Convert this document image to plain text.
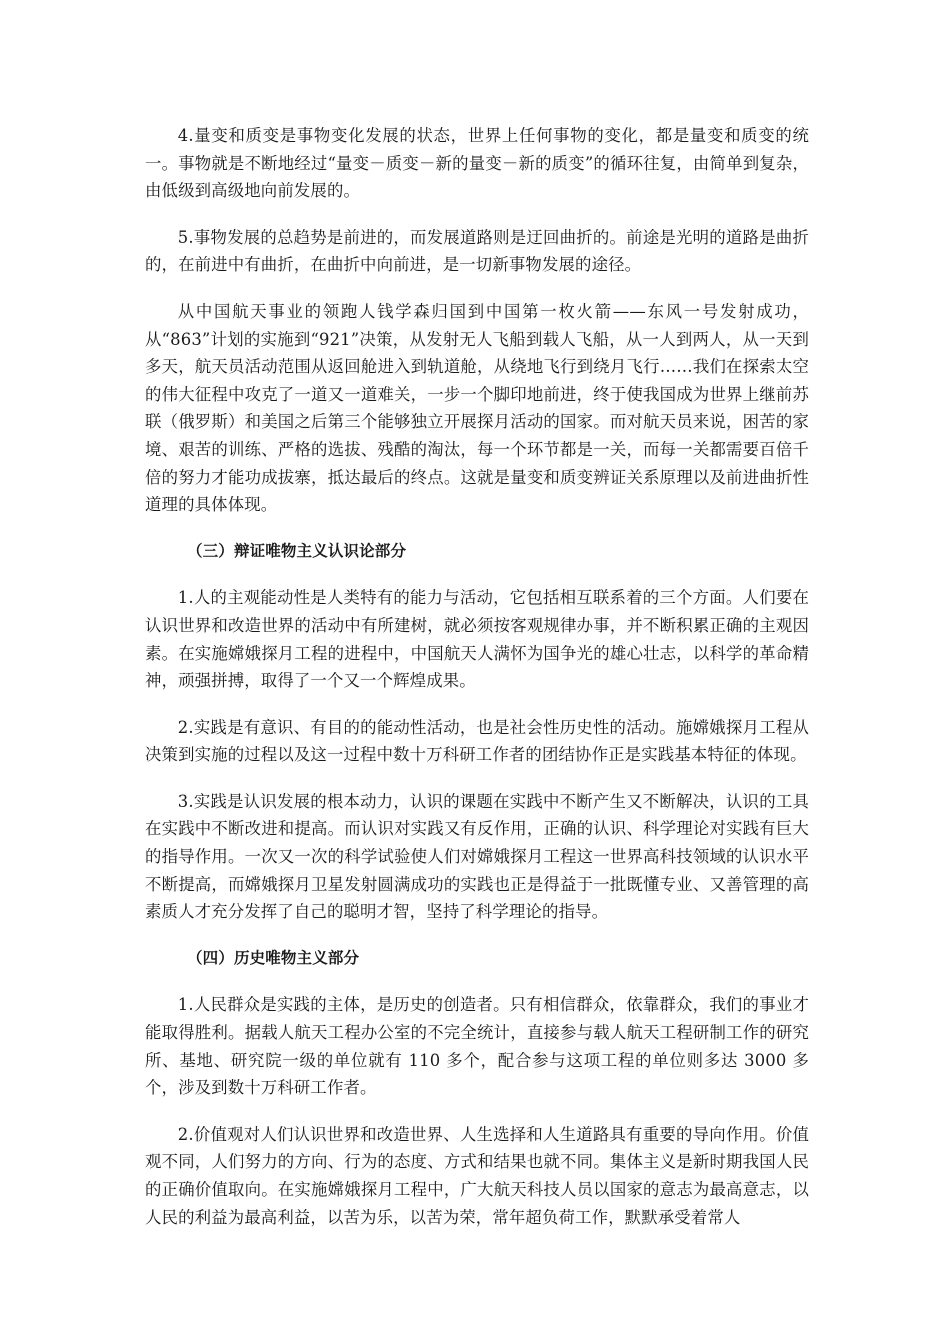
4.量变和质变是事物变化发展的状态，世界上任何事物的变化，都是量变和质变的统一。事物就是不断地经过“量变－质变－新的量变－新的质变”的循环往复，由简单到复杂，由低级到高级地向前发展的。

5.事物发展的总趋势是前进的，而发展道路则是迂回曲折的。前途是光明的道路是曲折的，在前进中有曲折，在曲折中向前进，是一切新事物发展的途径。

从中国航天事业的领跑人钱学森归国到中国第一枚火箭——东风一号发射成功，从“863”计划的实施到“921”决策，从发射无人飞船到载人飞船，从一人到两人，从一天到多天，航天员活动范围从返回舱进入到轨道舱，从绕地飞行到绕月飞行……我们在探索太空的伟大征程中攻克了一道又一道难关，一步一个脚印地前进，终于使我国成为世界上继前苏联（俄罗斯）和美国之后第三个能够独立开展探月活动的国家。而对航天员来说，困苦的家境、艰苦的训练、严格的选拔、残酷的淘汰，每一个环节都是一关，而每一关都需要百倍千倍的努力才能功成拔寨，抵达最后的终点。这就是量变和质变辨证关系原理以及前进曲折性道理的具体体现。

（三）辩证唯物主义认识论部分

1.人的主观能动性是人类特有的能力与活动，它包括相互联系着的三个方面。人们要在认识世界和改造世界的活动中有所建树，就必须按客观规律办事，并不断积累正确的主观因素。在实施嫦娥探月工程的进程中，中国航天人满怀为国争光的雄心壮志，以科学的革命精神，顽强拼搏，取得了一个又一个辉煌成果。

2.实践是有意识、有目的的能动性活动，也是社会性历史性的活动。施嫦娥探月工程从决策到实施的过程以及这一过程中数十万科研工作者的团结协作正是实践基本特征的体现。

3.实践是认识发展的根本动力，认识的课题在实践中不断产生又不断解决，认识的工具在实践中不断改进和提高。而认识对实践又有反作用，正确的认识、科学理论对实践有巨大的指导作用。一次又一次的科学试验使人们对嫦娥探月工程这一世界高科技领域的认识水平不断提高，而嫦娥探月卫星发射圆满成功的实践也正是得益于一批既懂专业、又善管理的高素质人才充分发挥了自己的聪明才智，坚持了科学理论的指导。

（四）历史唯物主义部分

1.人民群众是实践的主体，是历史的创造者。只有相信群众，依靠群众，我们的事业才能取得胜利。据载人航天工程办公室的不完全统计，直接参与载人航天工程研制工作的研究所、基地、研究院一级的单位就有 110 多个，配合参与这项工程的单位则多达 3000 多个，涉及到数十万科研工作者。

2.价值观对人们认识世界和改造世界、人生选择和人生道路具有重要的导向作用。价值观不同，人们努力的方向、行为的态度、方式和结果也就不同。集体主义是新时期我国人民的正确价值取向。在实施嫦娥探月工程中，广大航天科技人员以国家的意志为最高意志，以人民的利益为最高利益，以苦为乐，以苦为荣，常年超负荷工作，默默承受着常人
